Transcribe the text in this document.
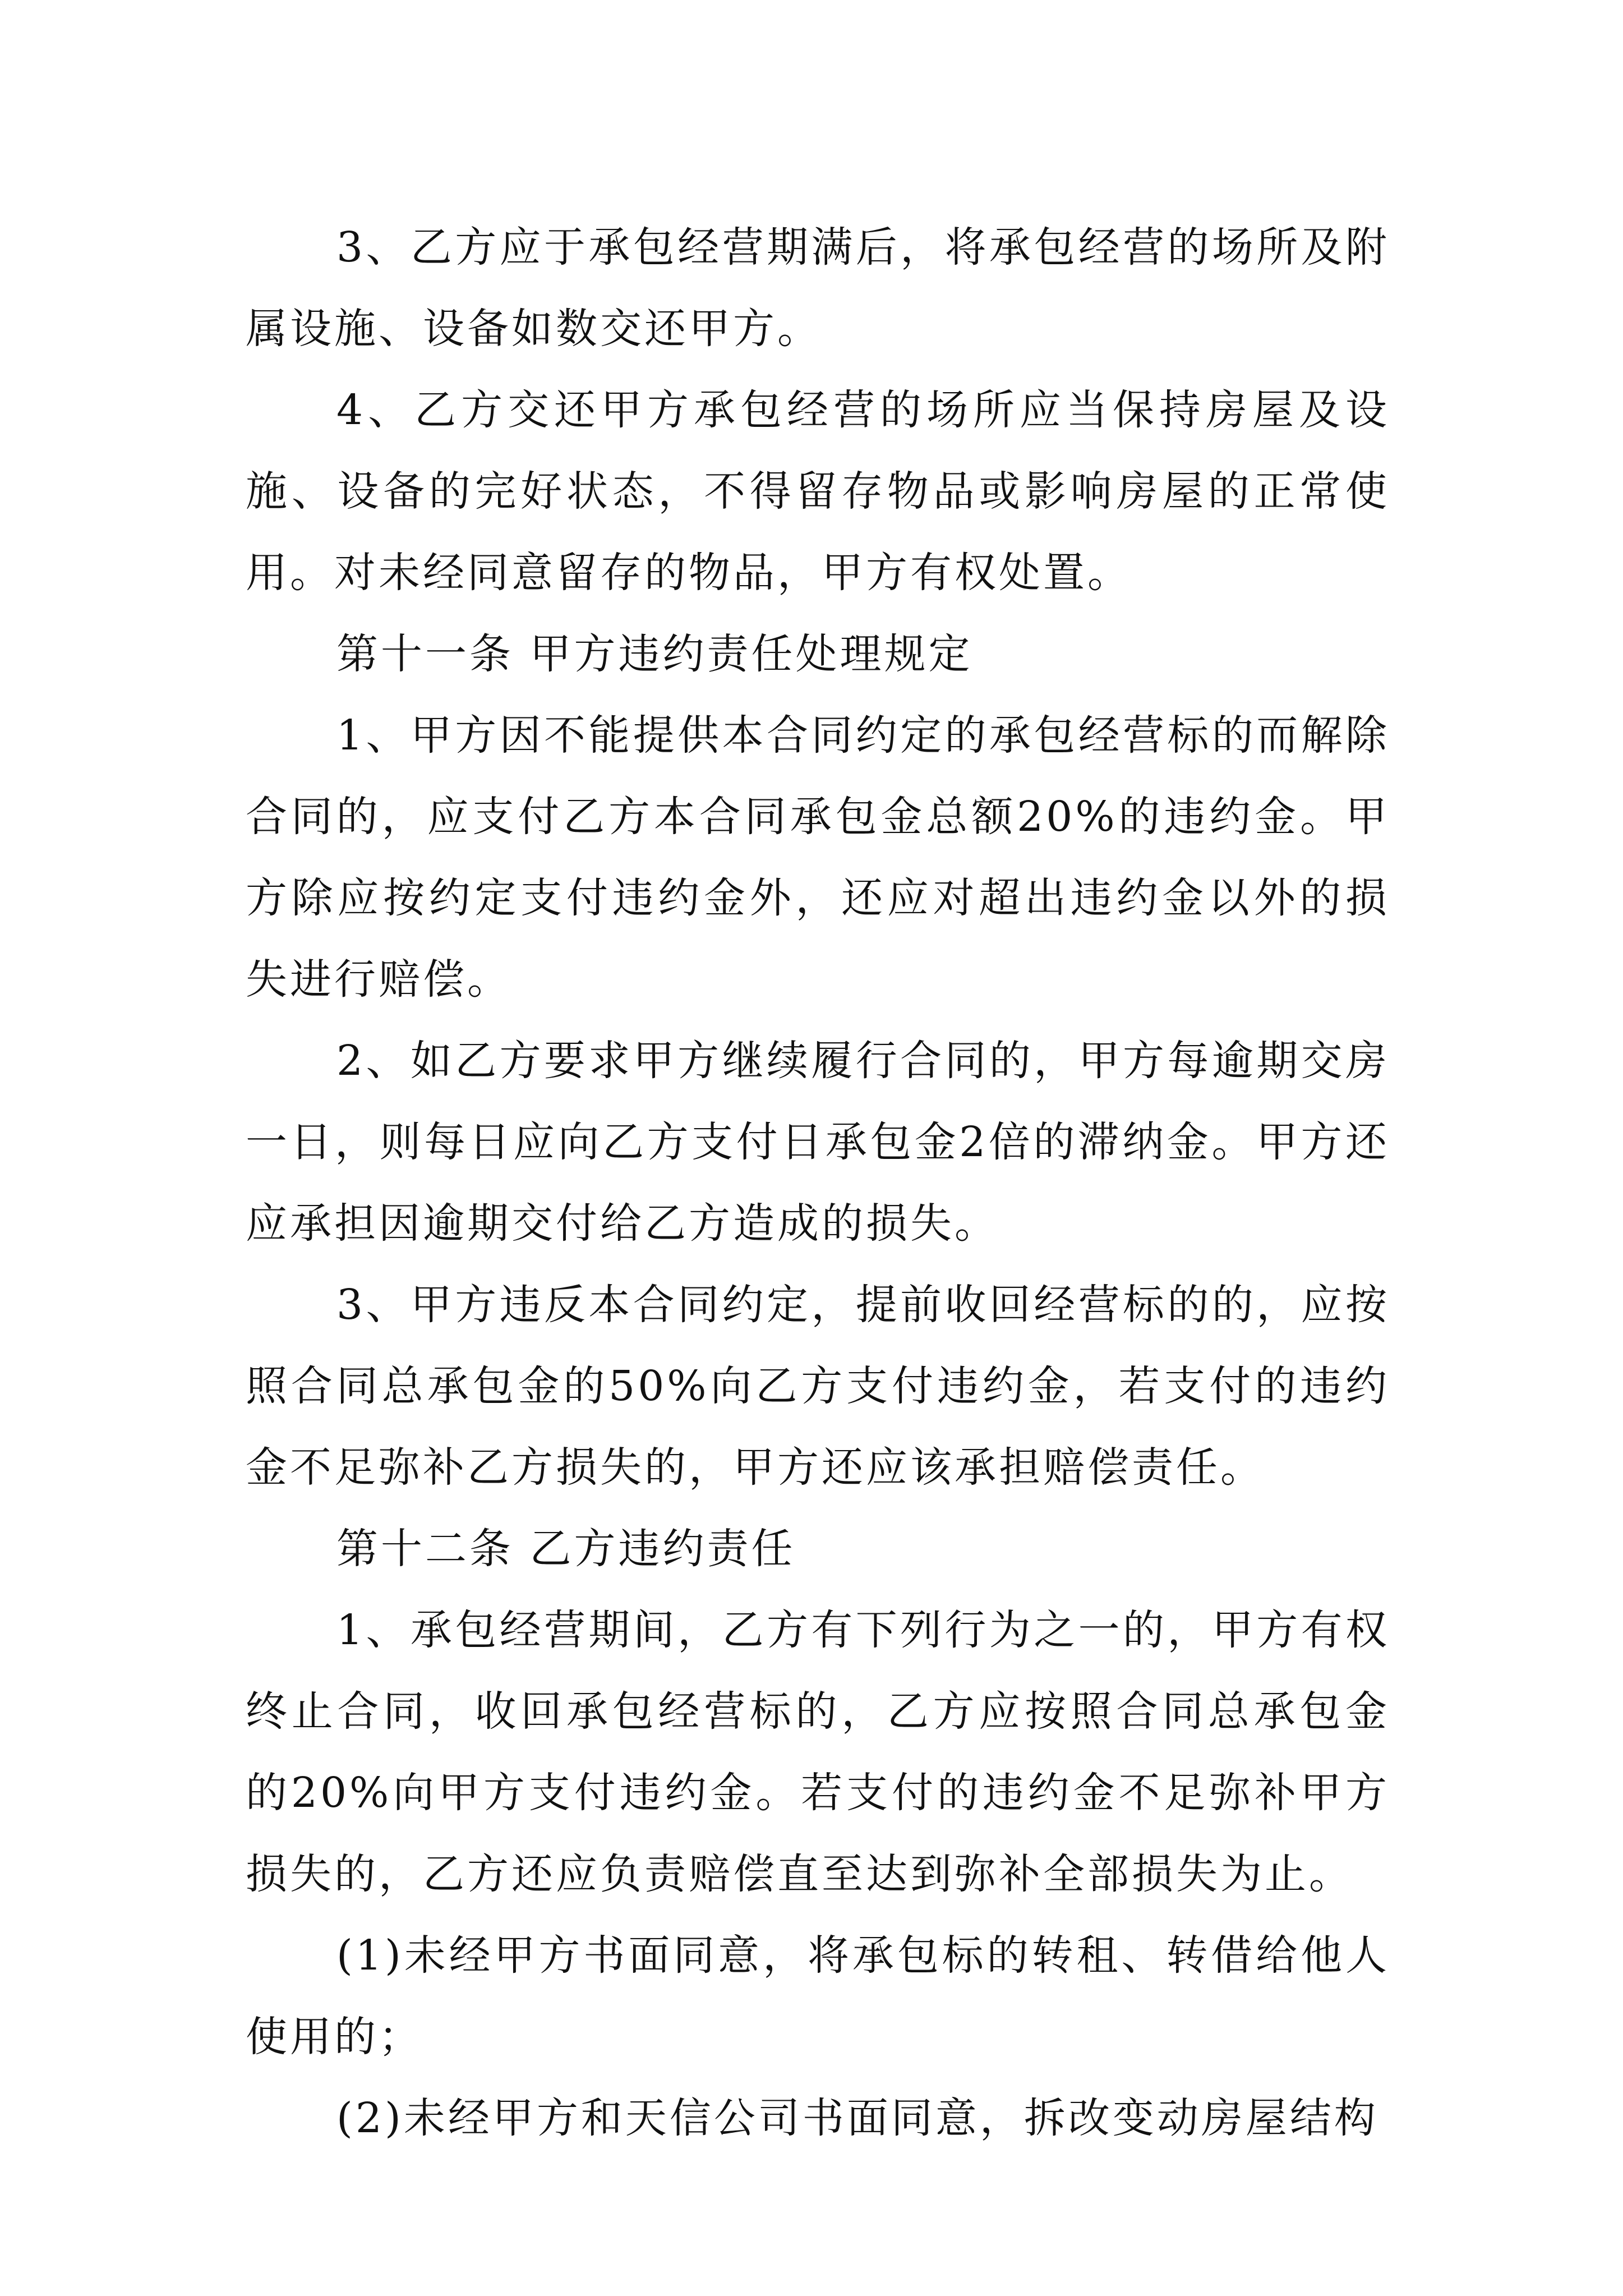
3、乙方应于承包经营期满后，将承包经营的场所及附属设施、设备如数交还甲方。

4、乙方交还甲方承包经营的场所应当保持房屋及设施、设备的完好状态，不得留存物品或影响房屋的正常使用。对未经同意留存的物品，甲方有权处置。

第十一条 甲方违约责任处理规定

1、甲方因不能提供本合同约定的承包经营标的而解除合同的，应支付乙方本合同承包金总额20%的违约金。甲方除应按约定支付违约金外，还应对超出违约金以外的损失进行赔偿。

2、如乙方要求甲方继续履行合同的，甲方每逾期交房一日，则每日应向乙方支付日承包金2倍的滞纳金。甲方还应承担因逾期交付给乙方造成的损失。

3、甲方违反本合同约定，提前收回经营标的的，应按照合同总承包金的50%向乙方支付违约金，若支付的违约金不足弥补乙方损失的，甲方还应该承担赔偿责任。

第十二条 乙方违约责任

1、承包经营期间，乙方有下列行为之一的，甲方有权终止合同，收回承包经营标的，乙方应按照合同总承包金的20%向甲方支付违约金。若支付的违约金不足弥补甲方损失的，乙方还应负责赔偿直至达到弥补全部损失为止。

(1)未经甲方书面同意，将承包标的转租、转借给他人使用的；

(2)未经甲方和天信公司书面同意，拆改变动房屋结构
